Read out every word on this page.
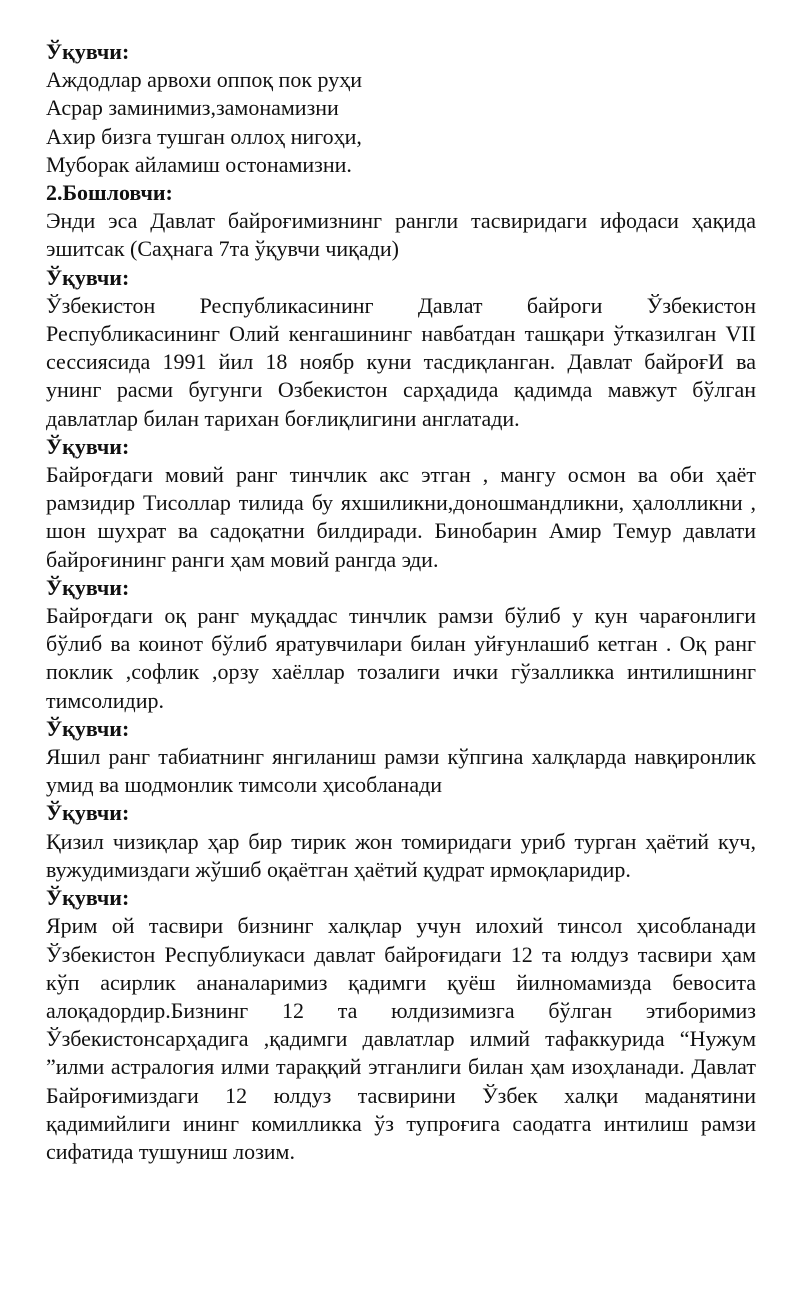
Ўқувчи:
Аждодлар арвохи оппоқ пок руҳи
Асрар заминимиз,замонамизни
Ахир бизга тушган оллоҳ нигоҳи,
Муборак айламиш остонамизни.
2.Бошловчи:
Энди эса Давлат байроғимизнинг рангли тасвиридаги ифодаси ҳақида эшитсак (Саҳнага 7та ўқувчи чиқади)
Ўқувчи:
Ўзбекистон Республикасининг Давлат байроги Ўзбекистон Республикасининг Олий кенгашининг навбатдан ташқари ўтказилган VII сессиясида 1991 йил 18 ноябр куни тасдиқланган. Давлат байроғИ ва унинг расми бугунги Озбекистон сарҳадида қадимда мавжут бўлган давлатлар билан тарихан боғлиқлигини англатади.
Ўқувчи:
Байроғдаги мовий ранг тинчлик акс этган , мангу осмон ва оби ҳаёт рамзидир Тисоллар тилида бу яхшиликни,доношмандликни, ҳалолликни , шон шухрат ва садоқатни билдиради. Бинобарин Амир Темур давлати байроғининг ранги ҳам мовий рангда эди.
Ўқувчи:
Байроғдаги оқ ранг муқаддас тинчлик рамзи бўлиб у кун чарағонлиги бўлиб ва коинот бўлиб яратувчилари билан уйғунлашиб кетган . Оқ ранг поклик ,софлик ,орзу хаёллар тозалиги ички гўзалликка интилишнинг тимсолидир.
Ўқувчи:
Яшил ранг табиатнинг янгиланиш рамзи кўпгина халқларда навқиронлик умид ва шодмонлик тимсоли ҳисобланади
Ўқувчи:
Қизил чизиқлар ҳар бир тирик жон томиридаги уриб турган ҳаётий куч, вужудимиздаги жўшиб оқаётган ҳаётий қудрат ирмоқларидир.
Ўқувчи:
Ярим ой тасвири бизнинг халқлар учун илохий тинсол ҳисобланади Ўзбекистон Республиукаси давлат байроғидаги 12 та юлдуз тасвири ҳам кўп асирлик ананаларимиз қадимги қуёш йилномамизда бевосита алоқадордир.Бизнинг 12 та юлдизимизга бўлган этиборимиз Ўзбекистонсарҳадига ,қадимги давлатлар илмий тафаккурида “Нужум ”илми астралогия илми тараққий этганлиги билан ҳам изоҳланади. Давлат Байроғимиздаги 12 юлдуз тасвирини Ўзбек халқи маданятини қадимийлиги ининг комилликка ўз тупроғига саодатга интилиш рамзи сифатида тушуниш лозим.
